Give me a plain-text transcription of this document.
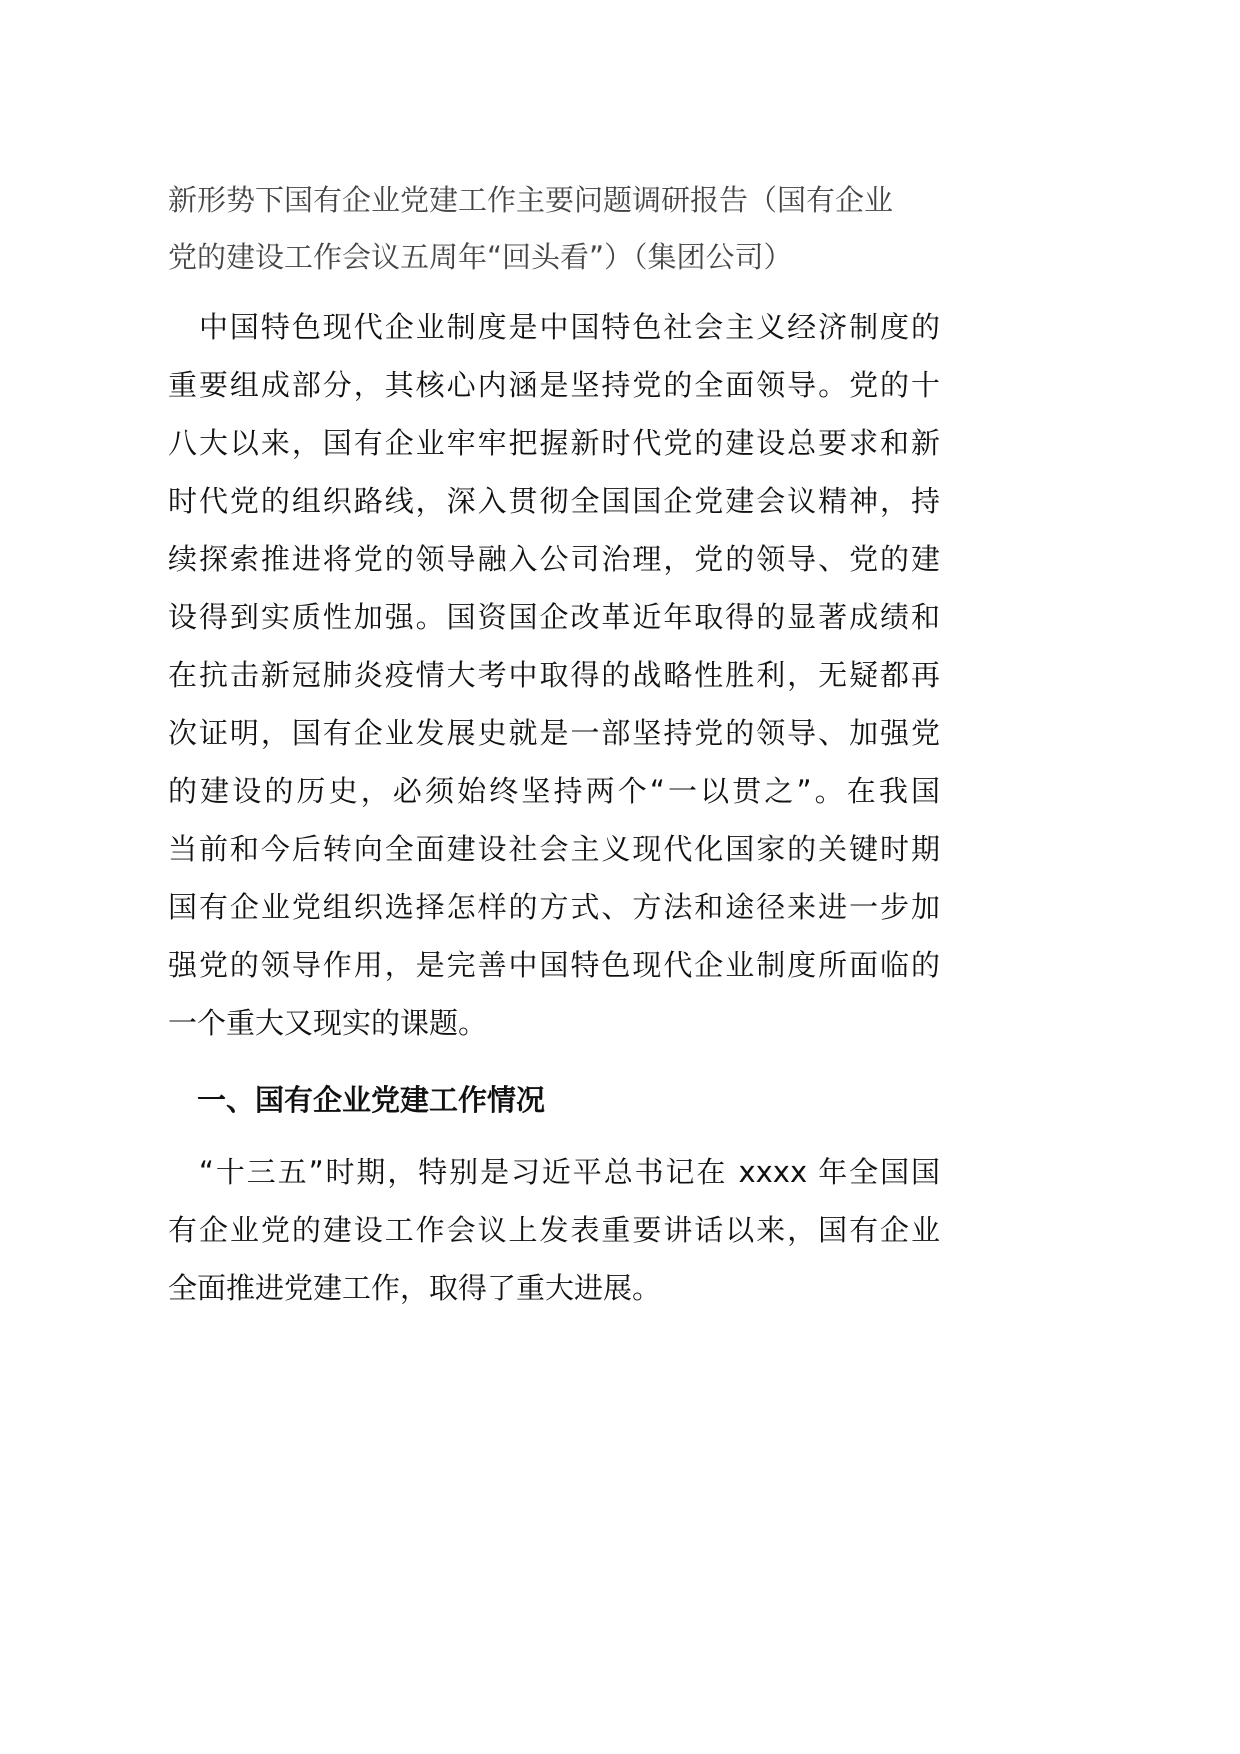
新形势下国有企业党建工作主要问题调研报告（国有企业
党的建设工作会议五周年“回头看”）（集团公司）
　中国特色现代企业制度是中国特色社会主义经济制度的
重要组成部分，其核心内涵是坚持党的全面领导。党的十
八大以来，国有企业牢牢把握新时代党的建设总要求和新
时代党的组织路线，深入贯彻全国国企党建会议精神，持
续探索推进将党的领导融入公司治理，党的领导、党的建
设得到实质性加强。国资国企改革近年取得的显著成绩和
在抗击新冠肺炎疫情大考中取得的战略性胜利，无疑都再
次证明，国有企业发展史就是一部坚持党的领导、加强党
的建设的历史，必须始终坚持两个“一以贯之”。在我国
当前和今后转向全面建设社会主义现代化国家的关键时期
国有企业党组织选择怎样的方式、方法和途径来进一步加
强党的领导作用，是完善中国特色现代企业制度所面临的
一个重大又现实的课题。
　一、国有企业党建工作情况
　“十三五”时期，特别是习近平总书记在 xxxx 年全国国
有企业党的建设工作会议上发表重要讲话以来，国有企业
全面推进党建工作，取得了重大进展。
